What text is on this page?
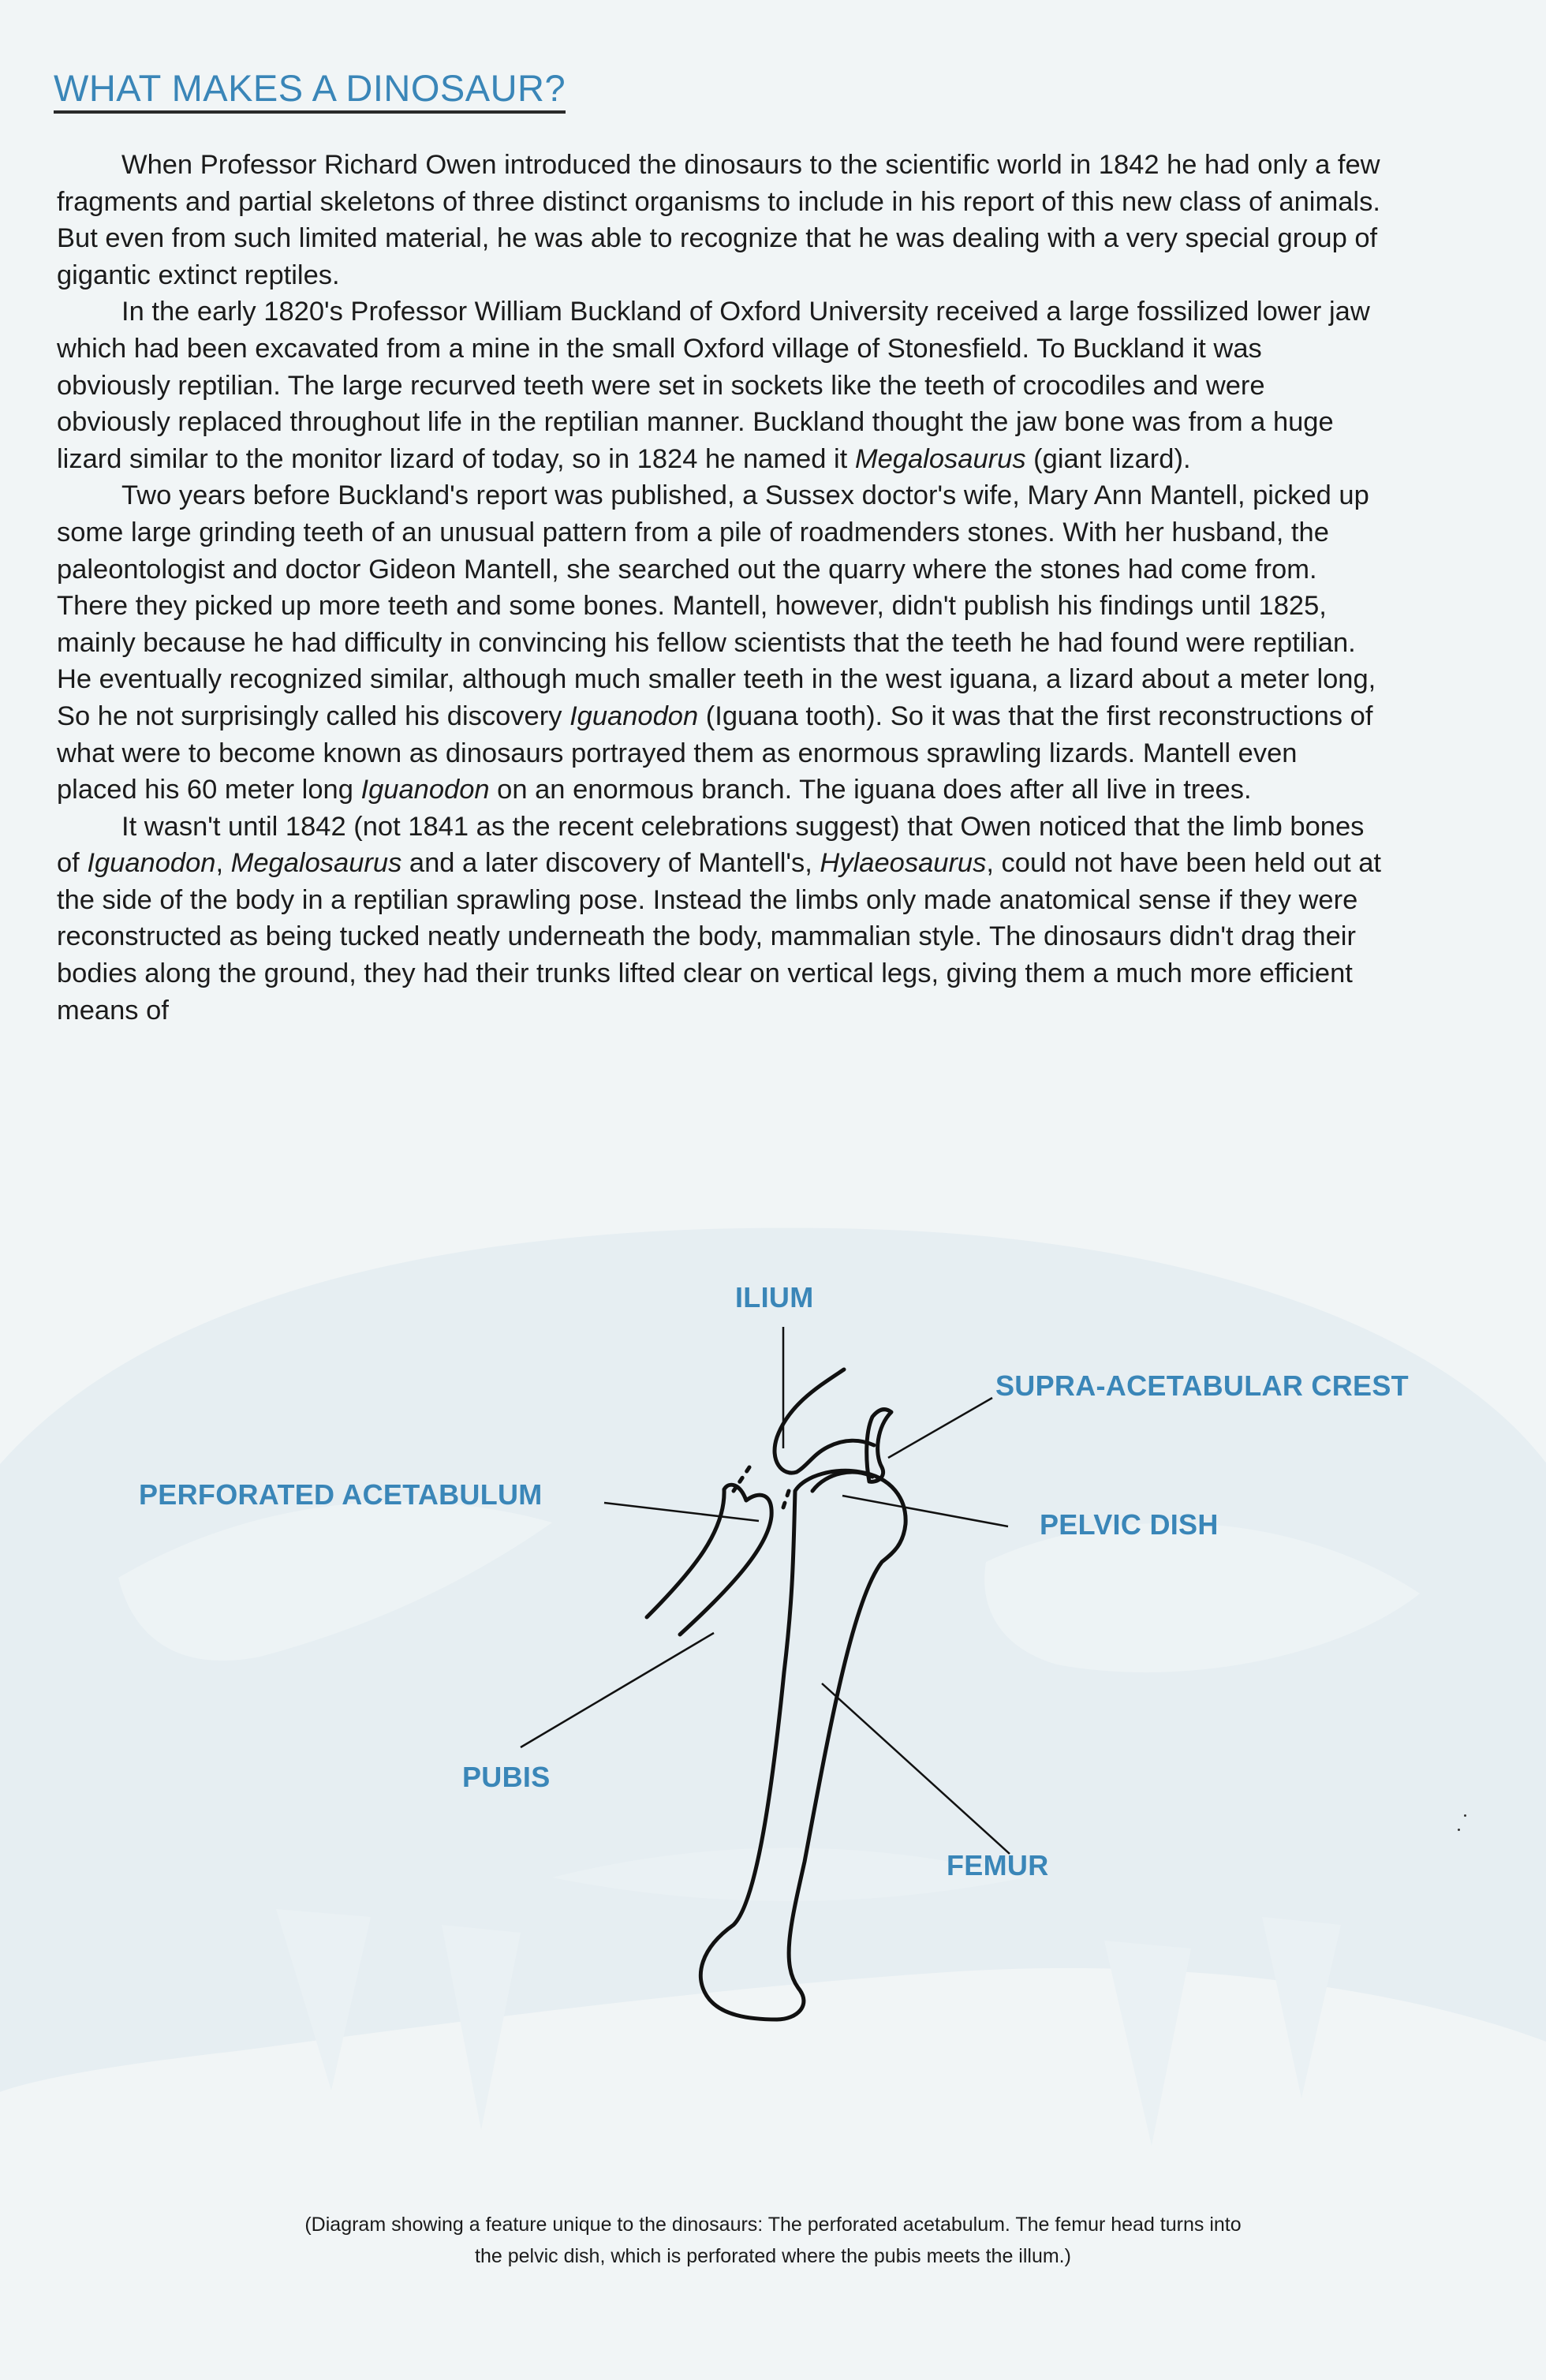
WHAT MAKES A DINOSAUR?

When Professor Richard Owen introduced the dinosaurs to the scientific world in 1842 he had only a few fragments and partial skeletons of three distinct organisms to include in his report of this new class of animals. But even from such limited material, he was able to recognize that he was dealing with a very special group of gigantic extinct reptiles.

In the early 1820's Professor William Buckland of Oxford University received a large fossilized lower jaw which had been excavated from a mine in the small Oxford village of Stonesfield. To Buckland it was obviously reptilian. The large recurved teeth were set in sockets like the teeth of crocodiles and were obviously replaced throughout life in the reptilian manner. Buckland thought the jaw bone was from a huge lizard similar to the monitor lizard of today, so in 1824 he named it Megalosaurus (giant lizard).

Two years before Buckland's report was published, a Sussex doctor's wife, Mary Ann Mantell, picked up some large grinding teeth of an unusual pattern from a pile of roadmenders stones. With her husband, the paleontologist and doctor Gideon Mantell, she searched out the quarry where the stones had come from. There they picked up more teeth and some bones. Mantell, however, didn't publish his findings until 1825, mainly because he had difficulty in convincing his fellow scientists that the teeth he had found were reptilian. He eventually recognized similar, although much smaller teeth in the west iguana, a lizard about a meter long, So he not surprisingly called his discovery Iguanodon (Iguana tooth). So it was that the first reconstructions of what were to become known as dinosaurs portrayed them as enormous sprawling lizards. Mantell even placed his 60 meter long Iguanodon on an enormous branch. The iguana does after all live in trees.

It wasn't until 1842 (not 1841 as the recent celebrations suggest) that Owen noticed that the limb bones of Iguanodon, Megalosaurus and a later discovery of Mantell's, Hylaeosaurus, could not have been held out at the side of the body in a reptilian sprawling pose. Instead the limbs only made anatomical sense if they were reconstructed as being tucked neatly underneath the body, mammalian style. The dinosaurs didn't drag their bodies along the ground, they had their trunks lifted clear on vertical legs, giving them a much more efficient means of

ILIUM
SUPRA-ACETABULAR CREST
PERFORATED ACETABULUM
PELVIC DISH
PUBIS
FEMUR

(Diagram showing a feature unique to the dinosaurs: The perforated acetabulum. The femur head turns into

the pelvic dish, which is perforated where the pubis meets the illum.)
